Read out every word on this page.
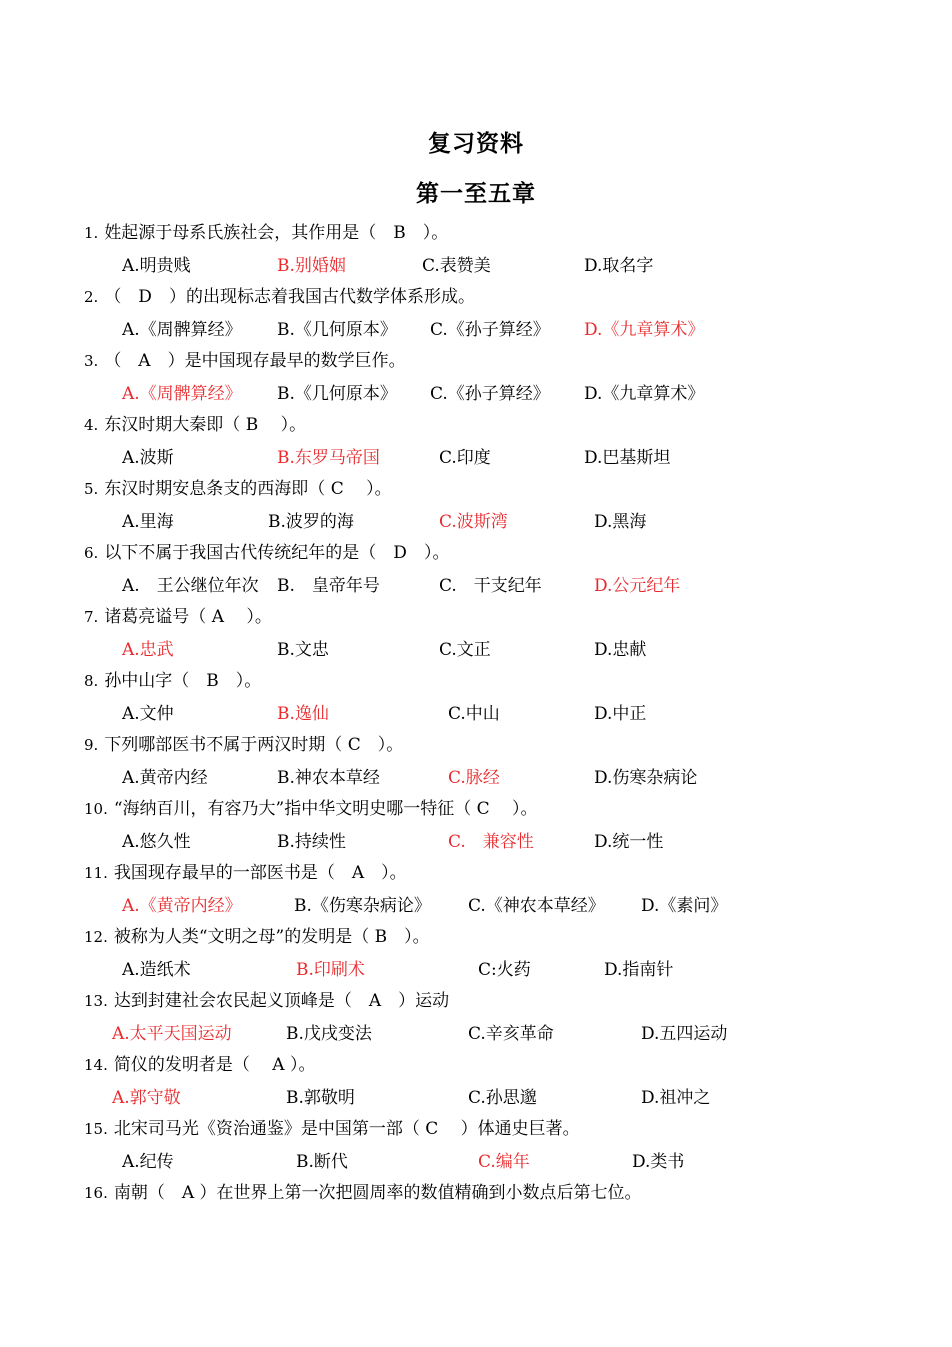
复习资料
第一至五章
1. 姓起源于母系氏族社会，其作用是（　B　）。
A.明贵贱	B.别婚姻	C.表赞美	D.取名字
2. （　D　）的出现标志着我国古代数学体系形成。
A.《周髀算经》 B.《几何原本》 C.《孙子算经》 D.《九章算术》
3. （　A　）是中国现存最早的数学巨作。
A.《周髀算经》 B.《几何原本》 C.《孙子算经》 D.《九章算术》
4. 东汉时期大秦即（ B　 ）。
A.波斯	B.东罗马帝国	C.印度	D.巴基斯坦
5. 东汉时期安息条支的西海即（ C　 ）。
A.里海	B.波罗的海	C.波斯湾	D.黑海
6. 以下不属于我国古代传统纪年的是（　D　）。
A.　王公继位年次 B.　皇帝年号	C.　干支纪年	D.公元纪年
7. 诸葛亮谥号（ A　 ）。
A.忠武	B.文忠	C.文正	D.忠献
8. 孙中山字（　B　）。
A.文仲	B.逸仙	C.中山	D.中正
9. 下列哪部医书不属于两汉时期（ C　）。
A.黄帝内经	B.神农本草经	C.脉经	D.伤寒杂病论
10. “海纳百川，有容乃大”指中华文明史哪一特征（ C　 ）。
A.悠久性	B.持续性	C.　兼容性	D.统一性
11. 我国现存最早的一部医书是（　A　）。
A.《黄帝内经》	B.《伤寒杂病论》 C.《神农本草经》 D.《素问》
12. 被称为人类“文明之母”的发明是（ B　）。
A.造纸术	B.印刷术	C:火药	D.指南针
13. 达到封建社会农民起义顶峰是（　A　）运动
A.太平天国运动	B.戊戌变法	C.辛亥革命	D.五四运动
14. 简仪的发明者是（　 A ）。
A.郭守敬	B.郭敬明	C.孙思邈	D.祖冲之
15. 北宋司马光《资治通鉴》是中国第一部（ C　 ）体通史巨著。
A.纪传	B.断代	C.编年	D.类书
16. 南朝（　A ）在世界上第一次把圆周率的数值精确到小数点后第七位。
